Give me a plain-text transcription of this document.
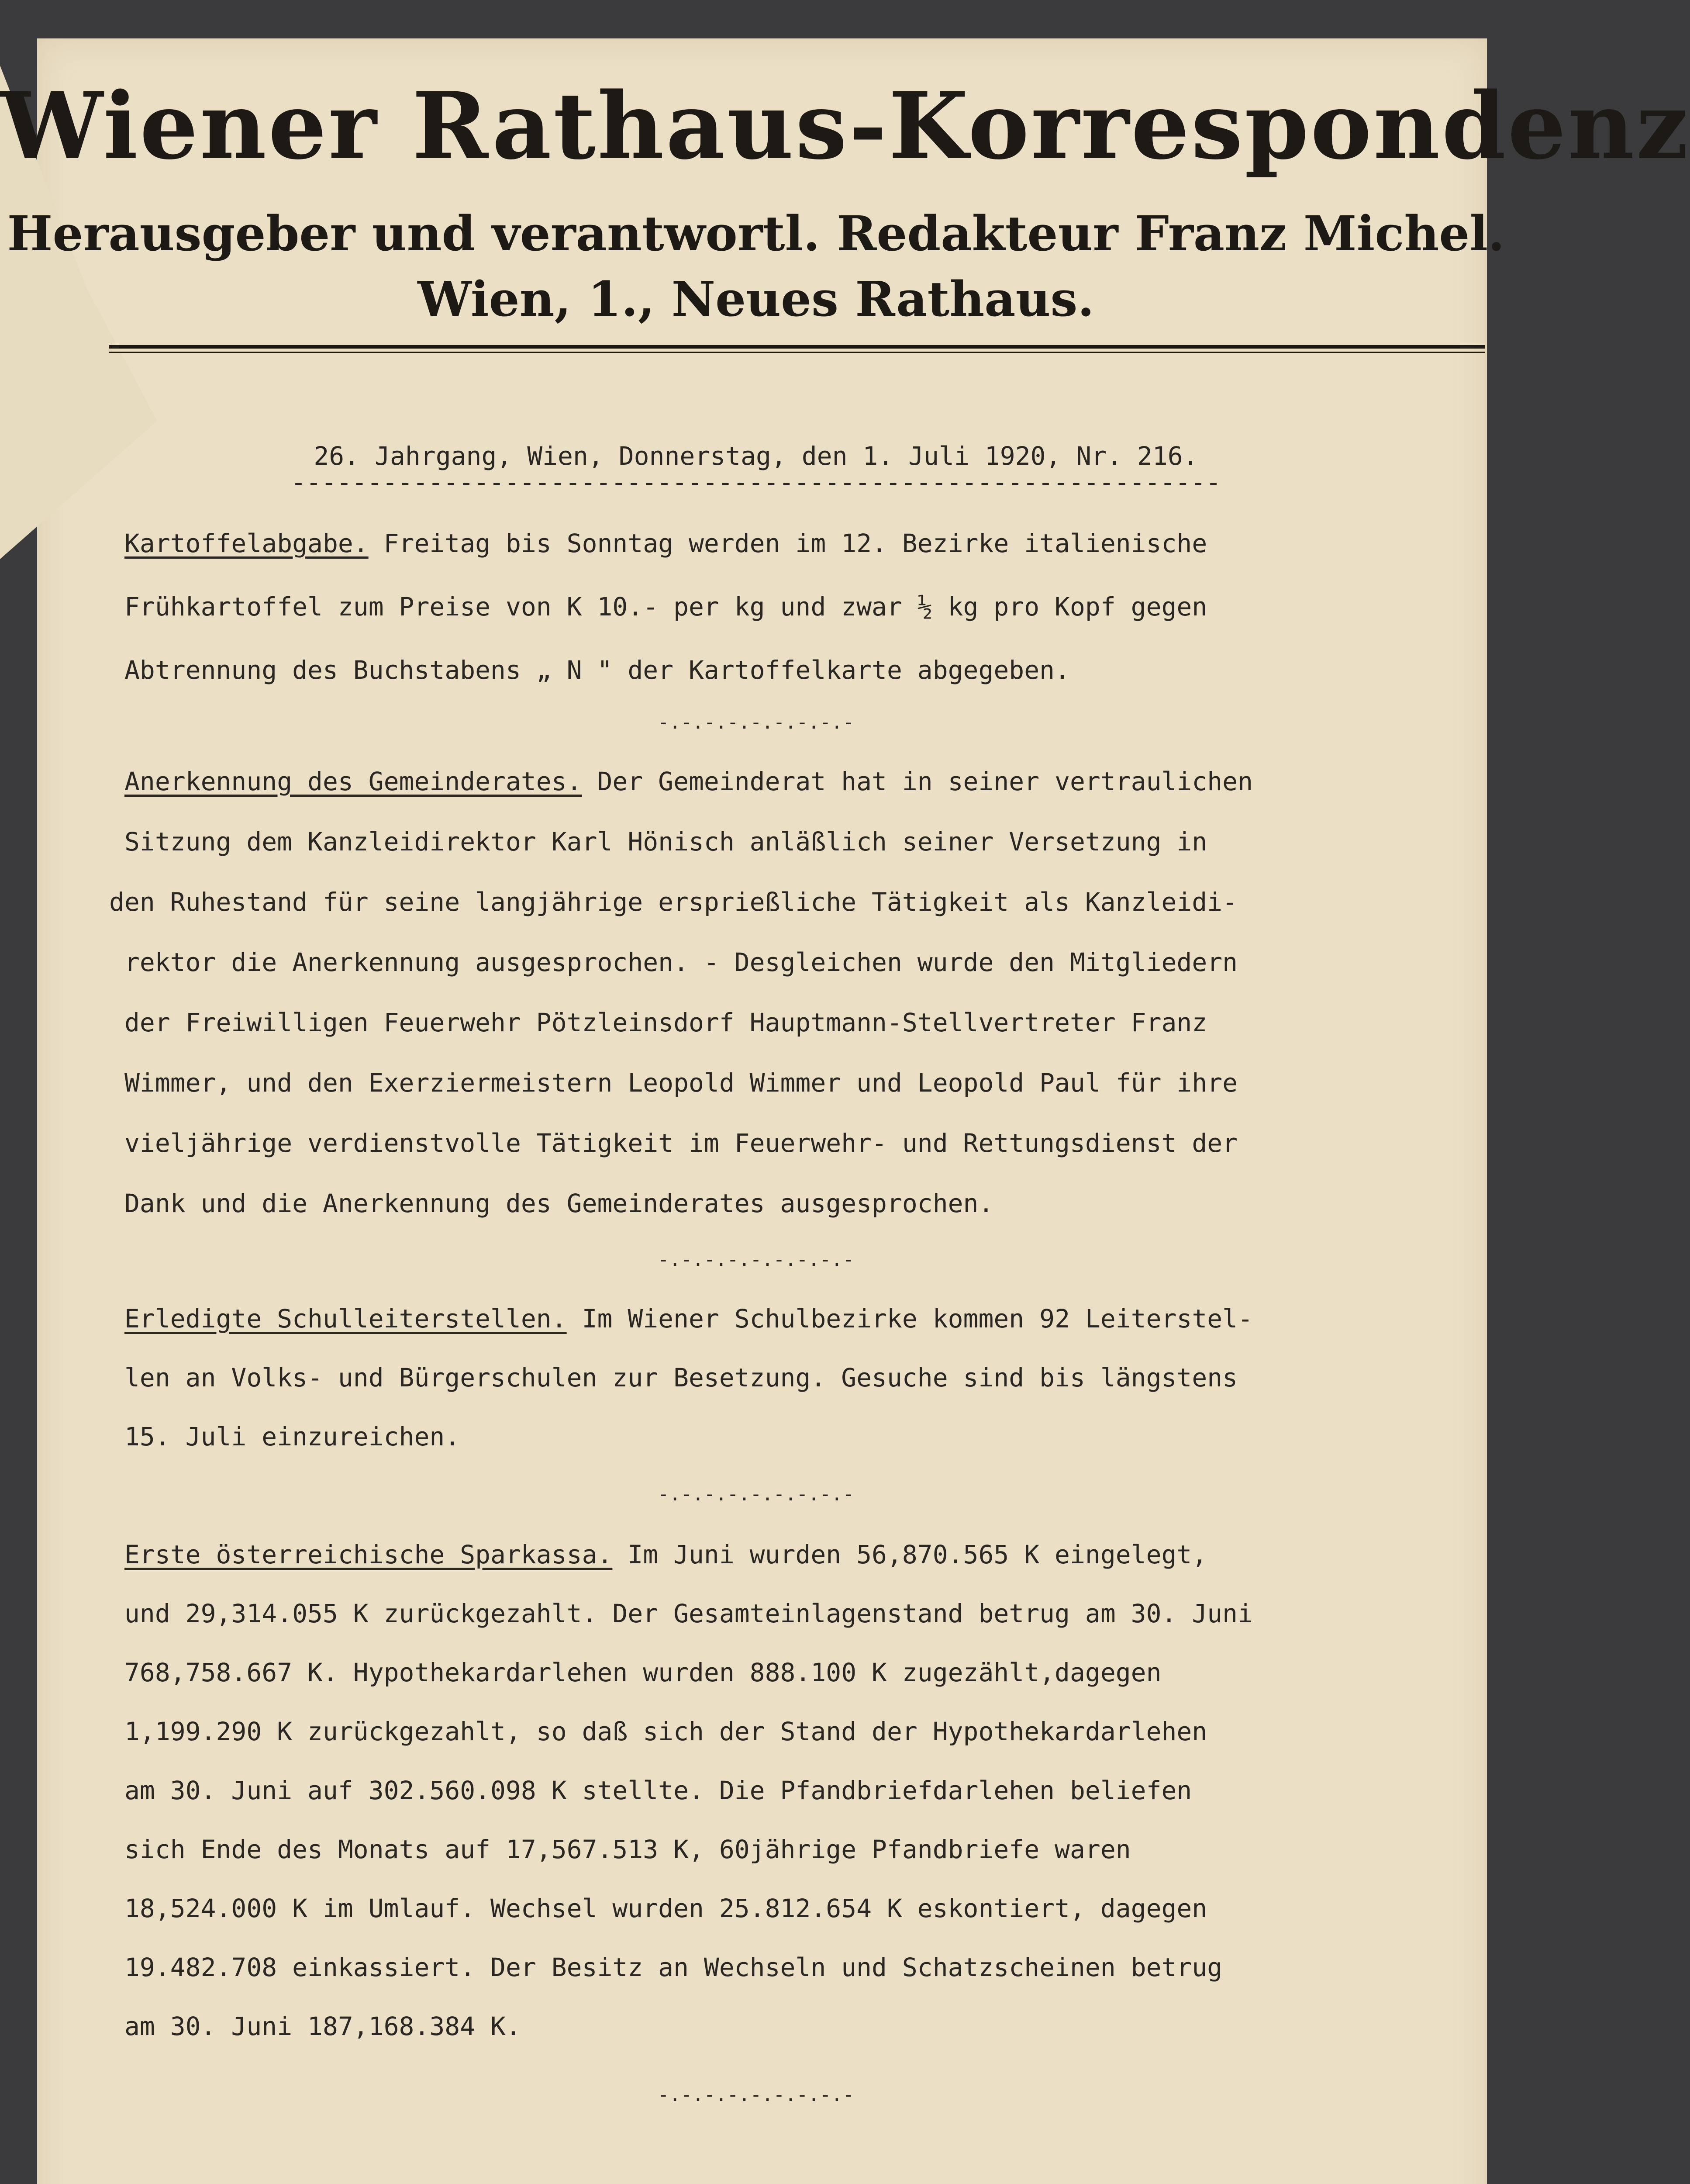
Wiener Rathaus-Korrespondenz
Herausgeber und verantwortl. Redakteur Franz Michel.
Wien, 1., Neues Rathaus.
26. Jahrgang, Wien, Donnerstag, den 1. Juli 1920, Nr. 216.
-------------------------------------------------------------
Kartoffelabgabe. Freitag bis Sonntag werden im 12. Bezirke italienische
Frühkartoffel zum Preise von K 10.- per kg und zwar ½ kg pro Kopf gegen
Abtrennung des Buchstabens „ N " der Kartoffelkarte abgegeben.
-.-.-.-.-.-.-.-.-
Anerkennung des Gemeinderates. Der Gemeinderat hat in seiner vertraulichen
Sitzung dem Kanzleidirektor Karl Hönisch anläßlich seiner Versetzung in
den Ruhestand für seine langjährige ersprießliche Tätigkeit als Kanzleidi-
rektor die Anerkennung ausgesprochen. - Desgleichen wurde den Mitgliedern
der Freiwilligen Feuerwehr Pötzleinsdorf Hauptmann-Stellvertreter Franz
Wimmer, und den Exerziermeistern Leopold Wimmer und Leopold Paul für ihre
vieljährige verdienstvolle Tätigkeit im Feuerwehr- und Rettungsdienst der
Dank und die Anerkennung des Gemeinderates ausgesprochen.
-.-.-.-.-.-.-.-.-
Erledigte Schulleiterstellen. Im Wiener Schulbezirke kommen 92 Leiterstel-
len an Volks- und Bürgerschulen zur Besetzung. Gesuche sind bis längstens
15. Juli einzureichen.
-.-.-.-.-.-.-.-.-
Erste österreichische Sparkassa. Im Juni wurden 56,870.565 K eingelegt,
und 29,314.055 K zurückgezahlt. Der Gesamteinlagenstand betrug am 30. Juni
768,758.667 K. Hypothekardarlehen wurden 888.100 K zugezählt,dagegen
1,199.290 K zurückgezahlt, so daß sich der Stand der Hypothekardarlehen
am 30. Juni auf 302.560.098 K stellte. Die Pfandbriefdarlehen beliefen
sich Ende des Monats auf 17,567.513 K, 60jährige Pfandbriefe waren
18,524.000 K im Umlauf. Wechsel wurden 25.812.654 K eskontiert, dagegen
19.482.708 einkassiert. Der Besitz an Wechseln und Schatzscheinen betrug
am 30. Juni 187,168.384 K.
-.-.-.-.-.-.-.-.-
